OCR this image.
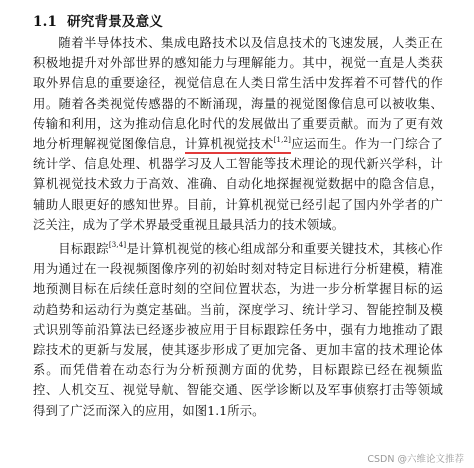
1.1 研究背景及意义
随着半导体技术、集成电路技术以及信息技术的飞速发展，人类正在积极地提升对外部世界的感知能力与理解能力。其中，视觉一直是人类获取外界信息的重要途径，视觉信息在人类日常生活中发挥着不可替代的作用。随着各类视觉传感器的不断涌现，海量的视觉图像信息可以被收集、传输和利用，这为推动信息化时代的发展做出了重要贡献。而为了更有效地分析理解视觉图像信息，计算机视觉技术[1,2]应运而生。作为一门综合了统计学、信息处理、机器学习及人工智能等技术理论的现代新兴学科，计算机视觉技术致力于高效、准确、自动化地探握视觉数据中的隐含信息，辅助人眼更好的感知世界。目前，计算机视觉已经引起了国内外学者的广泛关注，成为了学术界最受重视且最具活力的技术领域。
目标跟踪[3,4]是计算机视觉的核心组成部分和重要关键技术，其核心作用为通过在一段视频图像序列的初始时刻对特定目标进行分析建模，精准地预测目标在后续任意时刻的空间位置状态，为进一步分析掌握目标的运动趋势和运动行为奠定基础。当前，深度学习、统计学习、智能控制及模式识别等前沿算法已经逐步被应用于目标跟踪任务中，强有力地推动了跟踪技术的更新与发展，使其逐步形成了更加完备、更加丰富的技术理论体系。而凭借着在动态行为分析预测方面的优势，目标跟踪已经在视频监控、人机交互、视觉导航、智能交通、医学诊断以及军事侦察打击等领域得到了广泛而深入的应用，如图1.1所示。
CSDN @六维论文推荐
